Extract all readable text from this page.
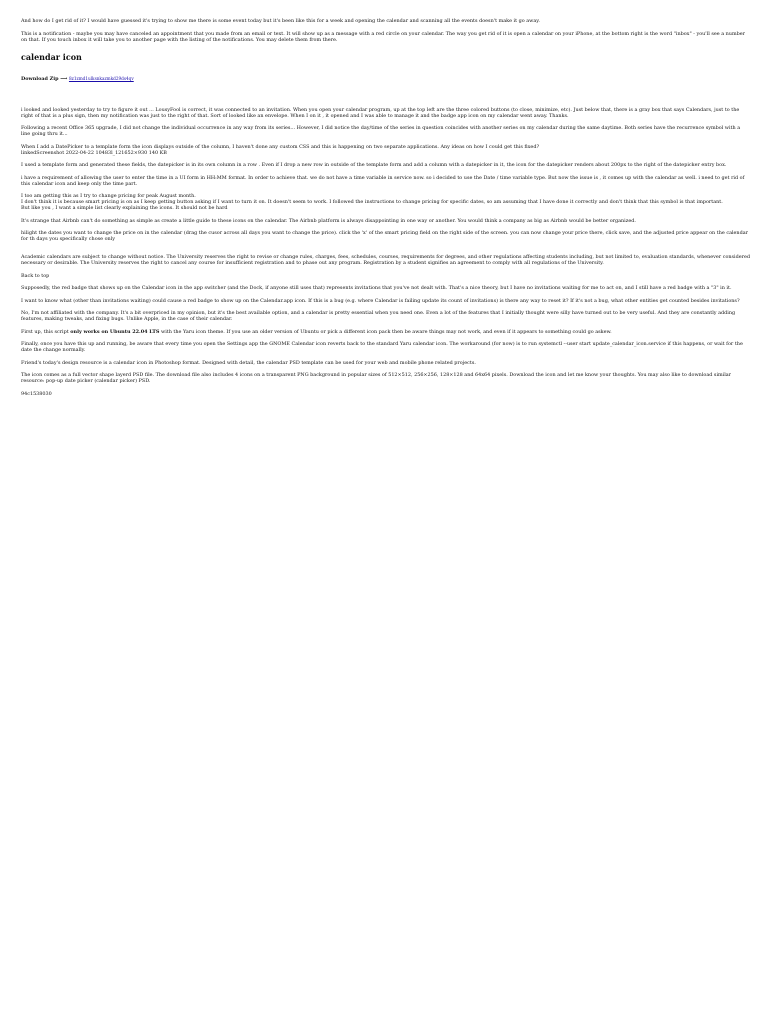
And how do I get rid of it? I would have guessed it's trying to show me there is some event today but it's been like this for a week and opening the calendar and scanning all the events doesn't make it go away.

This is a notification - maybe you may have canceled an appointment that you made from an email or text. It will show up as a message with a red circle on your calendar. The way you get rid of it is open a calendar on your iPhone, at the bottom right is the word "inbox" - you'll see a number on that. If you touch inbox it will take you to another page with the listing of the notifications. You may delete them from there.

calendar icon
Download Zip ⟶ 8z1zmd1ulksnkazmkd29ds4qv

i looked and looked yesterday to try to figure it out ... LousyFool is correct, it was connected to an invitation. When you open your calendar program, up at the top left are the three colored buttons (to close, minimize, etc). Just below that, there is a gray box that says Calendars, just to the right of that is a plus sign, then my notification was just to the right of that. Sort of looked like an envelope. When I on it , it opened and I was able to manage it and the badge app icon on my calendar went away. Thanks.

Following a recent Office 365 upgrade, I did not change the individual occurrence in any way from its series... However, I did notice the day/time of the series in question coincides with another series on my calendar during the same daytime. Both series have the recurrence symbol with a line going thru it...

When I add a DatePicker to a template form the icon displays outside of the column, I haven't done any custom CSS and this is happening on two separate applications. Any ideas on how I could get this fixed?
linkedScreenshot 2022-04-22 10483l_121652×930 140 KB

I used a template form and generated these fields, the datepicker is in its own column in a row . Even if I drop a new row in outside of the template form and add a column with a datepicker in it, the icon for the datepicker renders about 200px to the right of the datepicker entry box.

i have a requirement of allowing the user to enter the time in a UI form in HH:MM format. In order to achieve that. we do not have a time variable in service now. so i decided to use the Date / time variable type. But now the issue is , it comes up with the calendar as well. i need to get rid of this calendar icon and keep only the time part.

I too am getting this as I try to change pricing for peak August month.
I don't think it is because smart pricing is on as I keep getting button asking if I want to turn it on. It doesn't seem to work. I followed the instructions to change pricing for specific dates, so am assuming that I have done it correctly and don't think that this symbol is that important.
But like you , I want a simple list clearly explaining the icons. It should not be hard

It's strange that Airbnb can't do something as simple as create a little guide to these icons on the calendar. The Airbnb platform is always disappointing in one way or another. You would think a company as big as Airbnb would be better organized.

hilight the dates you want to change the price on in the calendar (drag the cusor across all days you want to change the price). click the 'x' of the smart pricing field on the right side of the screen. you can now change your price there, click save, and the adjusted price appear on the calendar for th days you specifically chose only

Academic calendars are subject to change without notice. The University reserves the right to revise or change rules, charges, fees, schedules, courses, requirements for degrees, and other regulations affecting students including, but not limited to, evaluation standards, whenever considered necessary or desirable. The University reserves the right to cancel any course for insufficient registration and to phase out any program. Registration by a student signifies an agreement to comply with all regulations of the University.

Back to top

Supposedly, the red badge that shows up on the Calendar icon in the app switcher (and the Dock, if anyone still uses that) represents invitations that you've not dealt with. That's a nice theory, but I have no invitations waiting for me to act on, and I still have a red badge with a "3" in it.

I want to know what (other than invitations waiting) could cause a red badge to show up on the Calendar.app icon. If this is a bug (e.g. where Calendar is failing update its count of invitations) is there any way to reset it? If it's not a bug, what other entities get counted besides invitations?

No, I'm not affiliated with the company. It's a bit overpriced in my opinion, but it's the best available option, and a calendar is pretty essential when you need one. Even a lot of the features that I initially thought were silly have turned out to be very useful. And they are constantly adding features, making tweaks, and fixing bugs. Unlike Apple, in the case of their calendar.

First up, this script only works on Ubuntu 22.04 LTS with the Yaru icon theme. If you use an older version of Ubuntu or pick a different icon pack then be aware things may not work, and even if it appears to something could go askew.

Finally, once you have this up and running, be aware that every time you open the Settings app the GNOME Calendar icon reverts back to the standard Yaru calendar icon. The workaround (for now) is to run systemctl --user start update_calendar_icon.service if this happens, or wait for the date the change normally.

Friend's today's design resource is a calendar icon in Photoshop format. Designed with detail, the calendar PSD template can be used for your web and mobile phone related projects.

The icon comes as a full vector shape layerd PSD file. The download file also includes 4 icons on a transparent PNG background in popular sizes of 512×512, 256×256, 128×128 and 64x64 pixels. Download the icon and let me know your thoughts. You may also like to download similar resource: pop-up date picker (calendar picker) PSD.

94c1538030
